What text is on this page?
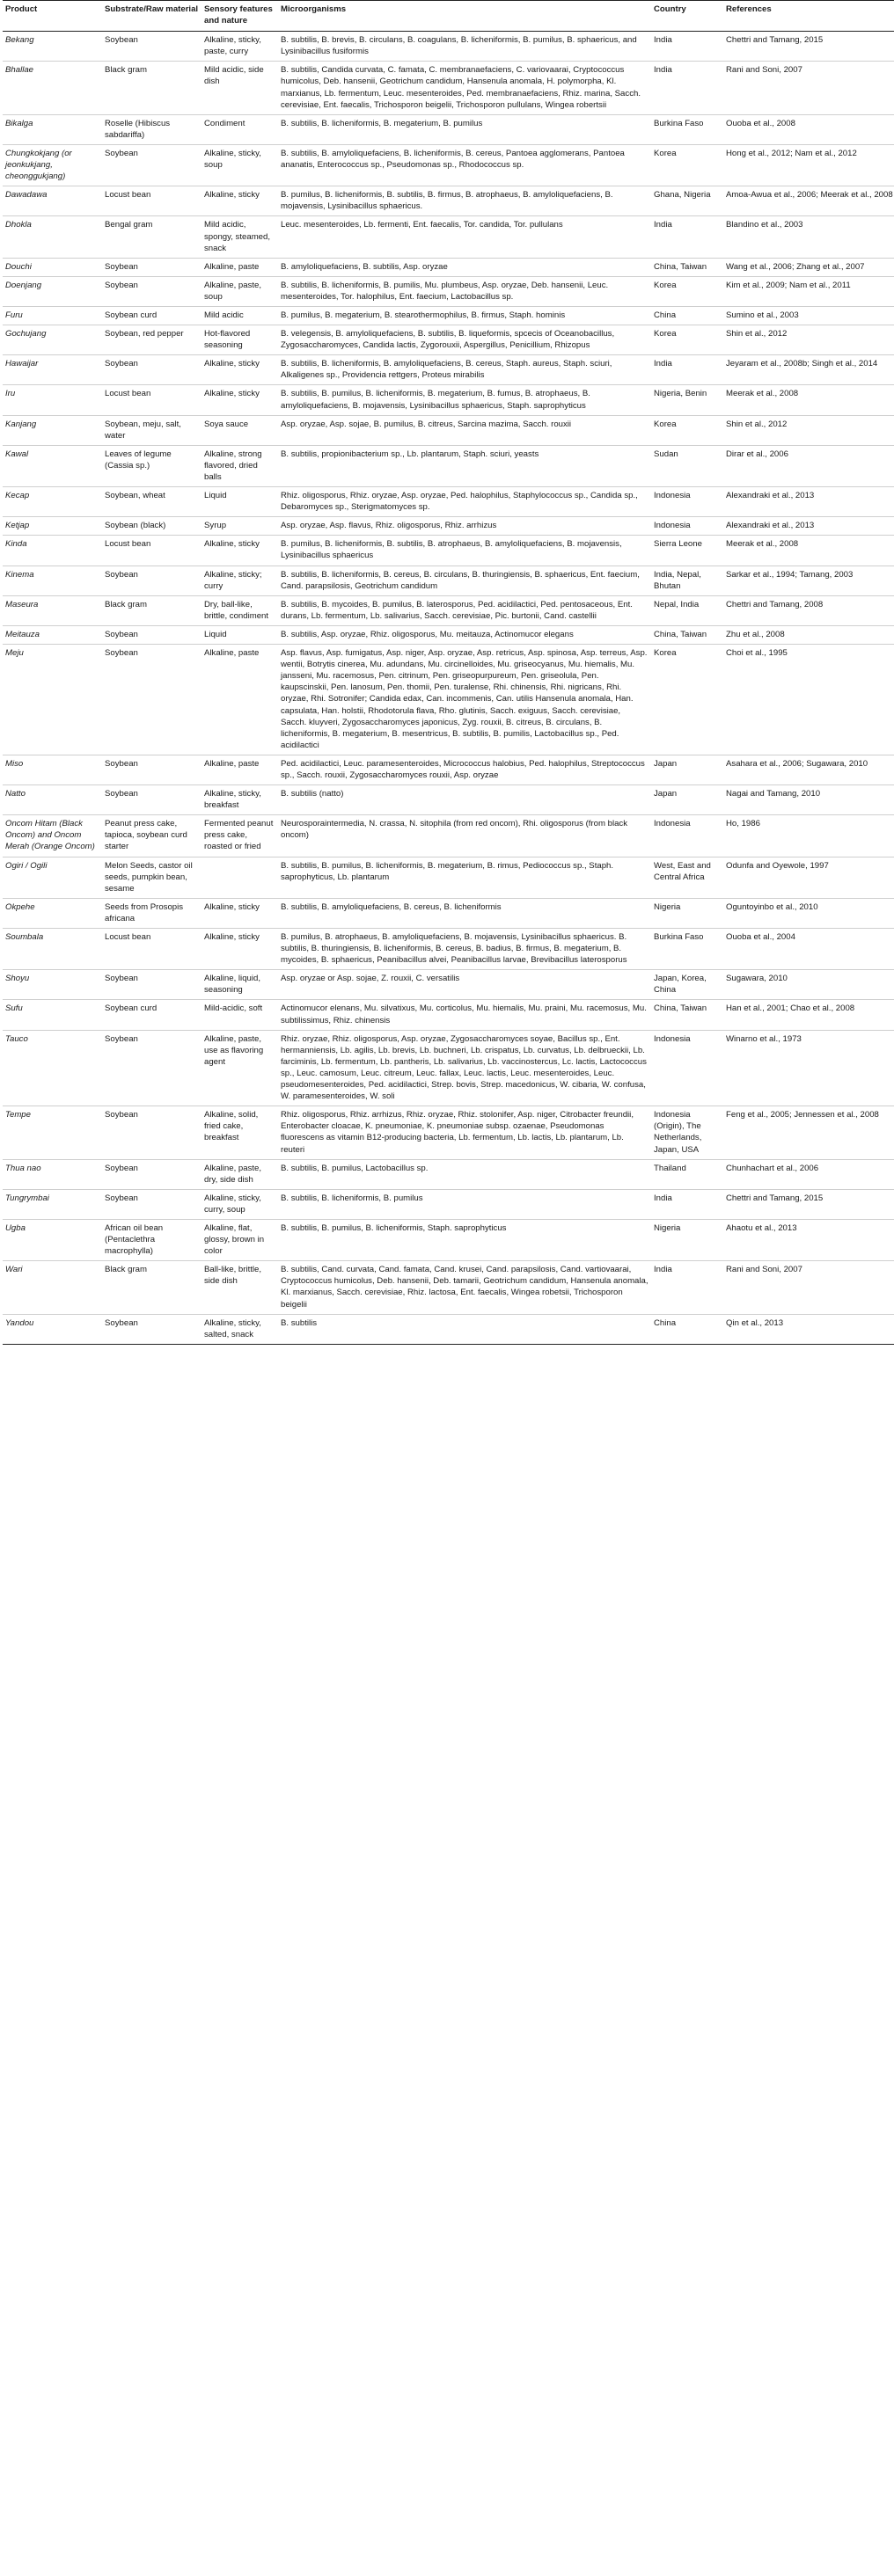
Product	Substrate/Raw material	Sensory features and nature	Microorganisms	Country	References
Bekang	Soybean	Alkaline, sticky, paste, curry	B. subtilis, B. brevis, B. circulans, B. coagulans, B. licheniformis, B. pumilus, B. sphaericus, and Lysinibacillus fusiformis	India	Chettri and Tamang, 2015
Bhallae	Black gram	Mild acidic, side dish	B. subtilis, Candida curvata, C. famata, C. membranaefaciens, C. variovaarai, Cryptococcus humicolus, Deb. hansenii, Geotrichum candidum, Hansenula anomala, H. polymorpha, Kl. marxianus, Lb. fermentum, Leuc. mesenteroides, Ped. membranaefaciens, Rhiz. marina, Sacch. cerevisiae, Ent. faecalis, Trichosporon beigelii, Trichosporon pullulans, Wingea robertsii	India	Rani and Soni, 2007
Bikalga	Roselle (Hibiscus sabdariffa)	Condiment	B. subtilis, B. licheniformis, B. megaterium, B. pumilus	Burkina Faso	Ouoba et al., 2008
Chungkokjang (or jeonkukjang, cheonggukjang)	Soybean	Alkaline, sticky, soup	B. subtilis, B. amyloliquefaciens, B. licheniformis, B. cereus, Pantoea agglomerans, Pantoea ananatis, Enterococcus sp., Pseudomonas sp., Rhodococcus sp.	Korea	Hong et al., 2012; Nam et al., 2012
Dawadawa	Locust bean	Alkaline, sticky	B. pumilus, B. licheniformis, B. subtilis, B. firmus, B. atrophaeus, B. amyloliquefaciens, B. mojavensis, Lysinibacillus sphaericus.	Ghana, Nigeria	Amoa-Awua et al., 2006; Meerak et al., 2008
Dhokla	Bengal gram	Mild acidic, spongy, steamed, snack	Leuc. mesenteroides, Lb. fermenti, Ent. faecalis, Tor. candida, Tor. pullulans	India	Blandino et al., 2003
Douchi	Soybean	Alkaline, paste	B. amyloliquefaciens, B. subtilis, Asp. oryzae	China, Taiwan	Wang et al., 2006; Zhang et al., 2007
Doenjang	Soybean	Alkaline, paste, soup	B. subtilis, B. licheniformis, B. pumilis, Mu. plumbeus, Asp. oryzae, Deb. hansenii, Leuc. mesenteroides, Tor. halophilus, Ent. faecium, Lactobacillus sp.	Korea	Kim et al., 2009; Nam et al., 2011
Furu	Soybean curd	Mild acidic	B. pumilus, B. megaterium, B. stearothermophilus, B. firmus, Staph. hominis	China	Sumino et al., 2003
Gochujang	Soybean, red pepper	Hot-flavored seasoning	B. velegensis, B. amyloliquefaciens, B. subtilis, B. liqueformis, spcecis of Oceanobacillus, Zygosaccharomyces, Candida lactis, Zygorouxii, Aspergillus, Penicillium, Rhizopus	Korea	Shin et al., 2012
Hawaijar	Soybean	Alkaline, sticky	B. subtilis, B. licheniformis, B. amyloliquefaciens, B. cereus, Staph. aureus, Staph. sciuri, Alkaligenes sp., Providencia rettgers, Proteus mirabilis	India	Jeyaram et al., 2008b; Singh et al., 2014
Iru	Locust bean	Alkaline, sticky	B. subtilis, B. pumilus, B. licheniformis, B. megaterium, B. fumus, B. atrophaeus, B. amyloliquefaciens, B. mojavensis, Lysinibacillus sphaericus, Staph. saprophyticus	Nigeria, Benin	Meerak et al., 2008
Kanjang	Soybean, meju, salt, water	Soya sauce	Asp. oryzae, Asp. sojae, B. pumilus, B. citreus, Sarcina mazima, Sacch. rouxii	Korea	Shin et al., 2012
Kawal	Leaves of legume (Cassia sp.)	Alkaline, strong flavored, dried balls	B. subtilis, propionibacterium sp., Lb. plantarum, Staph. sciuri, yeasts	Sudan	Dirar et al., 2006
Kecap	Soybean, wheat	Liquid	Rhiz. oligosporus, Rhiz. oryzae, Asp. oryzae, Ped. halophilus, Staphylococcus sp., Candida sp., Debaromyces sp., Sterigmatomyces sp.	Indonesia	Alexandraki et al., 2013
Ketjap	Soybean (black)	Syrup	Asp. oryzae, Asp. flavus, Rhiz. oligosporus, Rhiz. arrhizus	Indonesia	Alexandraki et al., 2013
Kinda	Locust bean	Alkaline, sticky	B. pumilus, B. licheniformis, B. subtilis, B. atrophaeus, B. amyloliquefaciens, B. mojavensis, Lysinibacillus sphaericus	Sierra Leone	Meerak et al., 2008
Kinema	Soybean	Alkaline, sticky; curry	B. subtilis, B. licheniformis, B. cereus, B. circulans, B. thuringiensis, B. sphaericus, Ent. faecium, Cand. parapsilosis, Geotrichum candidum	India, Nepal, Bhutan	Sarkar et al., 1994; Tamang, 2003
Maseura	Black gram	Dry, ball-like, brittle, condiment	B. subtilis, B. mycoides, B. pumilus, B. laterosporus, Ped. acidilactici, Ped. pentosaceous, Ent. durans, Lb. fermentum, Lb. salivarius, Sacch. cerevisiae, Pic. burtonii, Cand. castellii	Nepal, India	Chettri and Tamang, 2008
Meitauza	Soybean	Liquid	B. subtilis, Asp. oryzae, Rhiz. oligosporus, Mu. meitauza, Actinomucor elegans	China, Taiwan	Zhu et al., 2008
Meju	Soybean	Alkaline, paste	Asp. flavus, Asp. fumigatus, Asp. niger, Asp. oryzae, Asp. retricus, Asp. spinosa, Asp. terreus, Asp. wentii, Botrytis cinerea, Mu. adundans, Mu. circinelloides, Mu. griseocyanus, Mu. hiemalis, Mu. jansseni, Mu. racemosus, Pen. citrinum, Pen. griseopurpureum, Pen. griseolula, Pen. kaupscinskii, Pen. lanosum, Pen. thomii, Pen. turalense, Rhi. chinensis, Rhi. nigricans, Rhi. oryzae, Rhi. Sotronifer; Candida edax, Can. incommenis, Can. utilis Hansenula anomala, Han. capsulata, Han. holstii, Rhodotorula flava, Rho. glutinis, Sacch. exiguus, Sacch. cerevisiae, Sacch. kluyveri, Zygosaccharomyces japonicus, Zyg. rouxii, B. citreus, B. circulans, B. licheniformis, B. megaterium, B. mesentricus, B. subtilis, B. pumilis, Lactobacillus sp., Ped. acidilactici	Korea	Choi et al., 1995
Miso	Soybean	Alkaline, paste	Ped. acidilactici, Leuc. paramesenteroides, Micrococcus halobius, Ped. halophilus, Streptococcus sp., Sacch. rouxii, Zygosaccharomyces rouxii, Asp. oryzae	Japan	Asahara et al., 2006; Sugawara, 2010
Natto	Soybean	Alkaline, sticky, breakfast	B. subtilis (natto)	Japan	Nagai and Tamang, 2010
Oncom Hitam (Black Oncom) and Oncom Merah (Orange Oncom)	Peanut press cake, tapioca, soybean curd starter	Fermented peanut press cake, roasted or fried	Neurosporaintermedia, N. crassa, N. sitophila (from red oncom), Rhi. oligosporus (from black oncom)	Indonesia	Ho, 1986
Ogiri / Ogili	Melon Seeds, castor oil seeds, pumpkin bean, sesame		B. subtilis, B. pumilus, B. licheniformis, B. megaterium, B. rimus, Pediococcus sp., Staph. saprophyticus, Lb. plantarum	West, East and Central Africa	Odunfa and Oyewole, 1997
Okpehe	Seeds from Prosopis africana	Alkaline, sticky	B. subtilis, B. amyloliquefaciens, B. cereus, B. licheniformis	Nigeria	Oguntoyinbo et al., 2010
Soumbala	Locust bean	Alkaline, sticky	B. pumilus, B. atrophaeus, B. amyloliquefaciens, B. mojavensis, Lysinibacillus sphaericus. B. subtilis, B. thuringiensis, B. licheniformis, B. cereus, B. badius, B. firmus, B. megaterium, B. mycoides, B. sphaericus, Peanibacillus alvei, Peanibacillus larvae, Brevibacillus laterosporus	Burkina Faso	Ouoba et al., 2004
Shoyu	Soybean	Alkaline, liquid, seasoning	Asp. oryzae or Asp. sojae, Z. rouxii, C. versatilis	Japan, Korea, China	Sugawara, 2010
Sufu	Soybean curd	Mild-acidic, soft	Actinomucor elenans, Mu. silvatixus, Mu. corticolus, Mu. hiemalis, Mu. praini, Mu. racemosus, Mu. subtilissimus, Rhiz. chinensis	China, Taiwan	Han et al., 2001; Chao et al., 2008
Tauco	Soybean	Alkaline, paste, use as flavoring agent	Rhiz. oryzae, Rhiz. oligosporus, Asp. oryzae, Zygosaccharomyces soyae, Bacillus sp., Ent. hermanniensis, Lb. agilis, Lb. brevis, Lb. buchneri, Lb. crispatus, Lb. curvatus, Lb. delbrueckii, Lb. farciminis, Lb. fermentum, Lb. pantheris, Lb. salivarius, Lb. vaccinostercus, Lc. lactis, Lactococcus sp., Leuc. camosum, Leuc. citreum, Leuc. fallax, Leuc. lactis, Leuc. mesenteroides, Leuc. pseudomesenteroides, Ped. acidilactici, Strep. bovis, Strep. macedonicus, W. cibaria, W. confusa, W. paramesenteroides, W. soli	Indonesia	Winarno et al., 1973
Tempe	Soybean	Alkaline, solid, fried cake, breakfast	Rhiz. oligosporus, Rhiz. arrhizus, Rhiz. oryzae, Rhiz. stolonifer, Asp. niger, Citrobacter freundii, Enterobacter cloacae, K. pneumoniae, K. pneumoniae subsp. ozaenae, Pseudomonas fluorescens as vitamin B12-producing bacteria, Lb. fermentum, Lb. lactis, Lb. plantarum, Lb. reuteri	Indonesia (Origin), The Netherlands, Japan, USA	Feng et al., 2005; Jennessen et al., 2008
Thua nao	Soybean	Alkaline, paste, dry, side dish	B. subtilis, B. pumilus, Lactobacillus sp.	Thailand	Chunhachart et al., 2006
Tungrymbai	Soybean	Alkaline, sticky, curry, soup	B. subtilis, B. licheniformis, B. pumilus	India	Chettri and Tamang, 2015
Ugba	African oil bean (Pentaclethra macrophylla)	Alkaline, flat, glossy, brown in color	B. subtilis, B. pumilus, B. licheniformis, Staph. saprophyticus	Nigeria	Ahaotu et al., 2013
Wari	Black gram	Ball-like, brittle, side dish	B. subtilis, Cand. curvata, Cand. famata, Cand. krusei, Cand. parapsilosis, Cand. vartiovaarai, Cryptococcus humicolus, Deb. hansenii, Deb. tamarii, Geotrichum candidum, Hansenula anomala, Kl. marxianus, Sacch. cerevisiae, Rhiz. lactosa, Ent. faecalis, Wingea robetsii, Trichosporon beigelii	India	Rani and Soni, 2007
Yandou	Soybean	Alkaline, sticky, salted, snack	B. subtilis	China	Qin et al., 2013
